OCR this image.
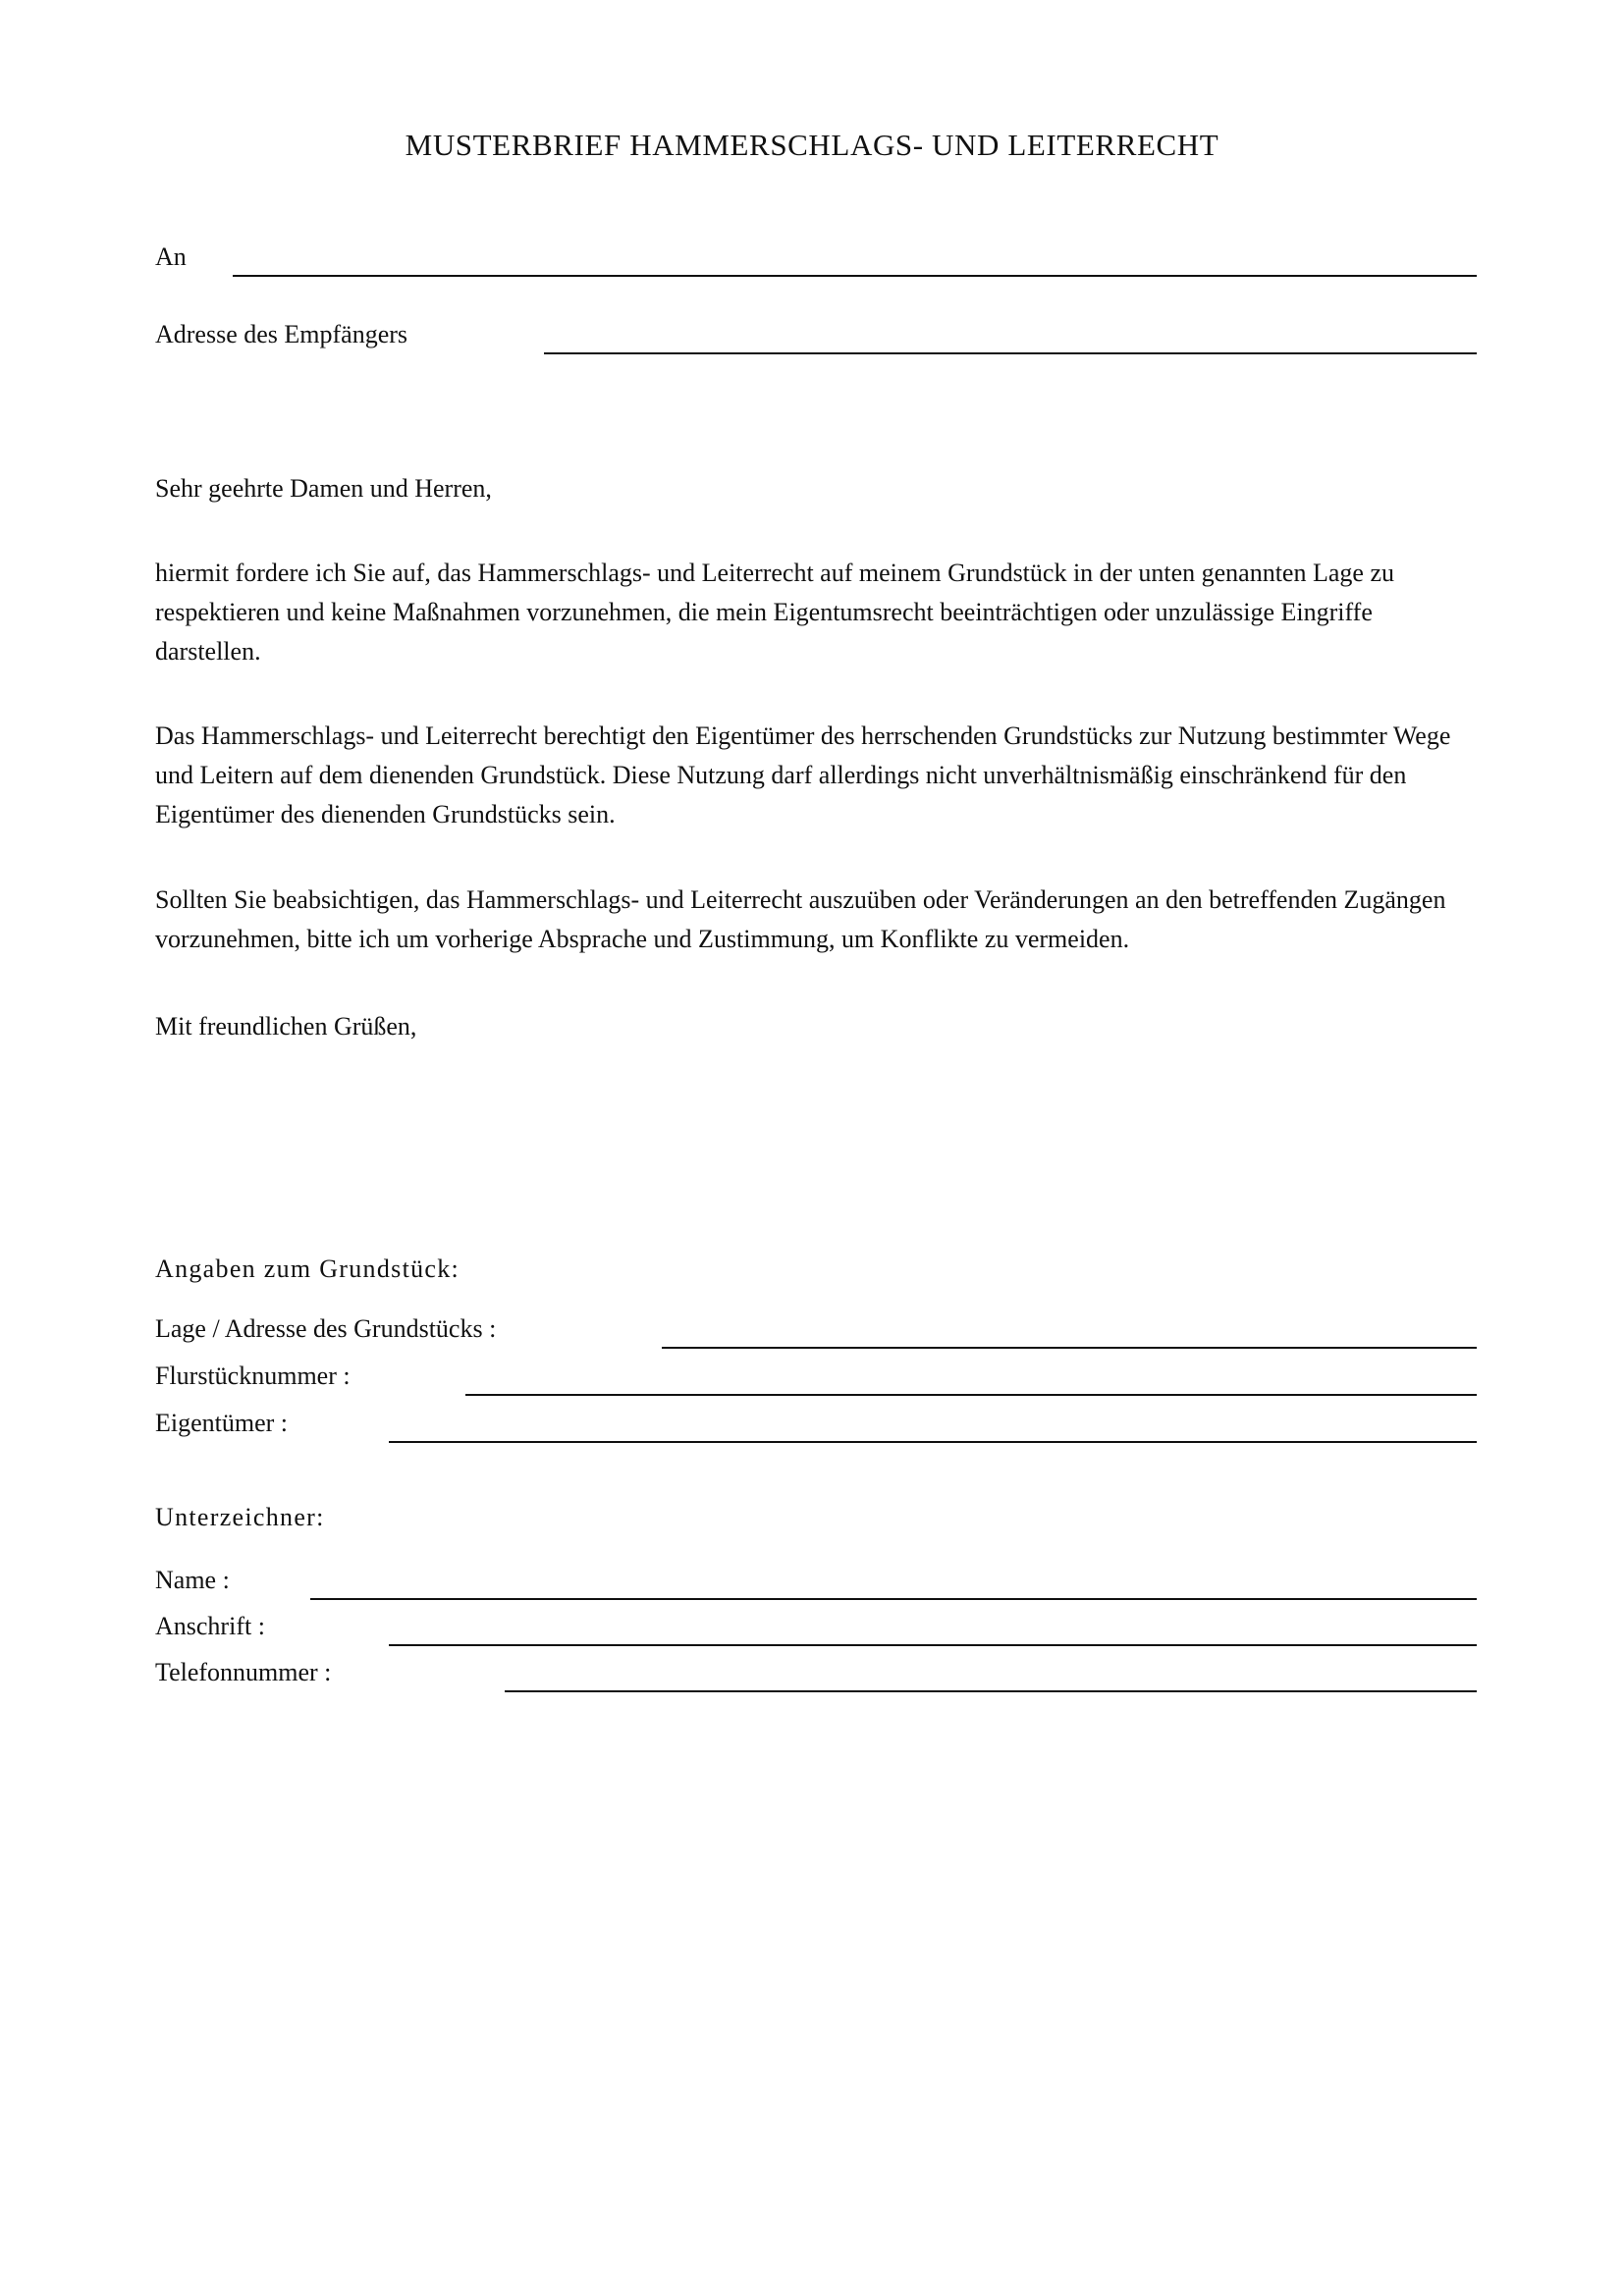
MUSTERBRIEF HAMMERSCHLAGS- UND LEITERRECHT
An
Adresse des Empfängers
Sehr geehrte Damen und Herren,
hiermit fordere ich Sie auf, das Hammerschlags- und Leiterrecht auf meinem Grundstück in der unten genannten Lage zu respektieren und keine Maßnahmen vorzunehmen, die mein Eigentumsrecht beeinträchtigen oder unzulässige Eingriffe darstellen.
Das Hammerschlags- und Leiterrecht berechtigt den Eigentümer des herrschenden Grundstücks zur Nutzung bestimmter Wege und Leitern auf dem dienenden Grundstück. Diese Nutzung darf allerdings nicht unverhältnismäßig einschränkend für den Eigentümer des dienenden Grundstücks sein.
Sollten Sie beabsichtigen, das Hammerschlags- und Leiterrecht auszuüben oder Veränderungen an den betreffenden Zugängen vorzunehmen, bitte ich um vorherige Absprache und Zustimmung, um Konflikte zu vermeiden.
Mit freundlichen Grüßen,
Angaben zum Grundstück:
Lage / Adresse des Grundstücks :
Flurstücknummer :
Eigentümer :
Unterzeichner:
Name :
Anschrift :
Telefonnummer :
